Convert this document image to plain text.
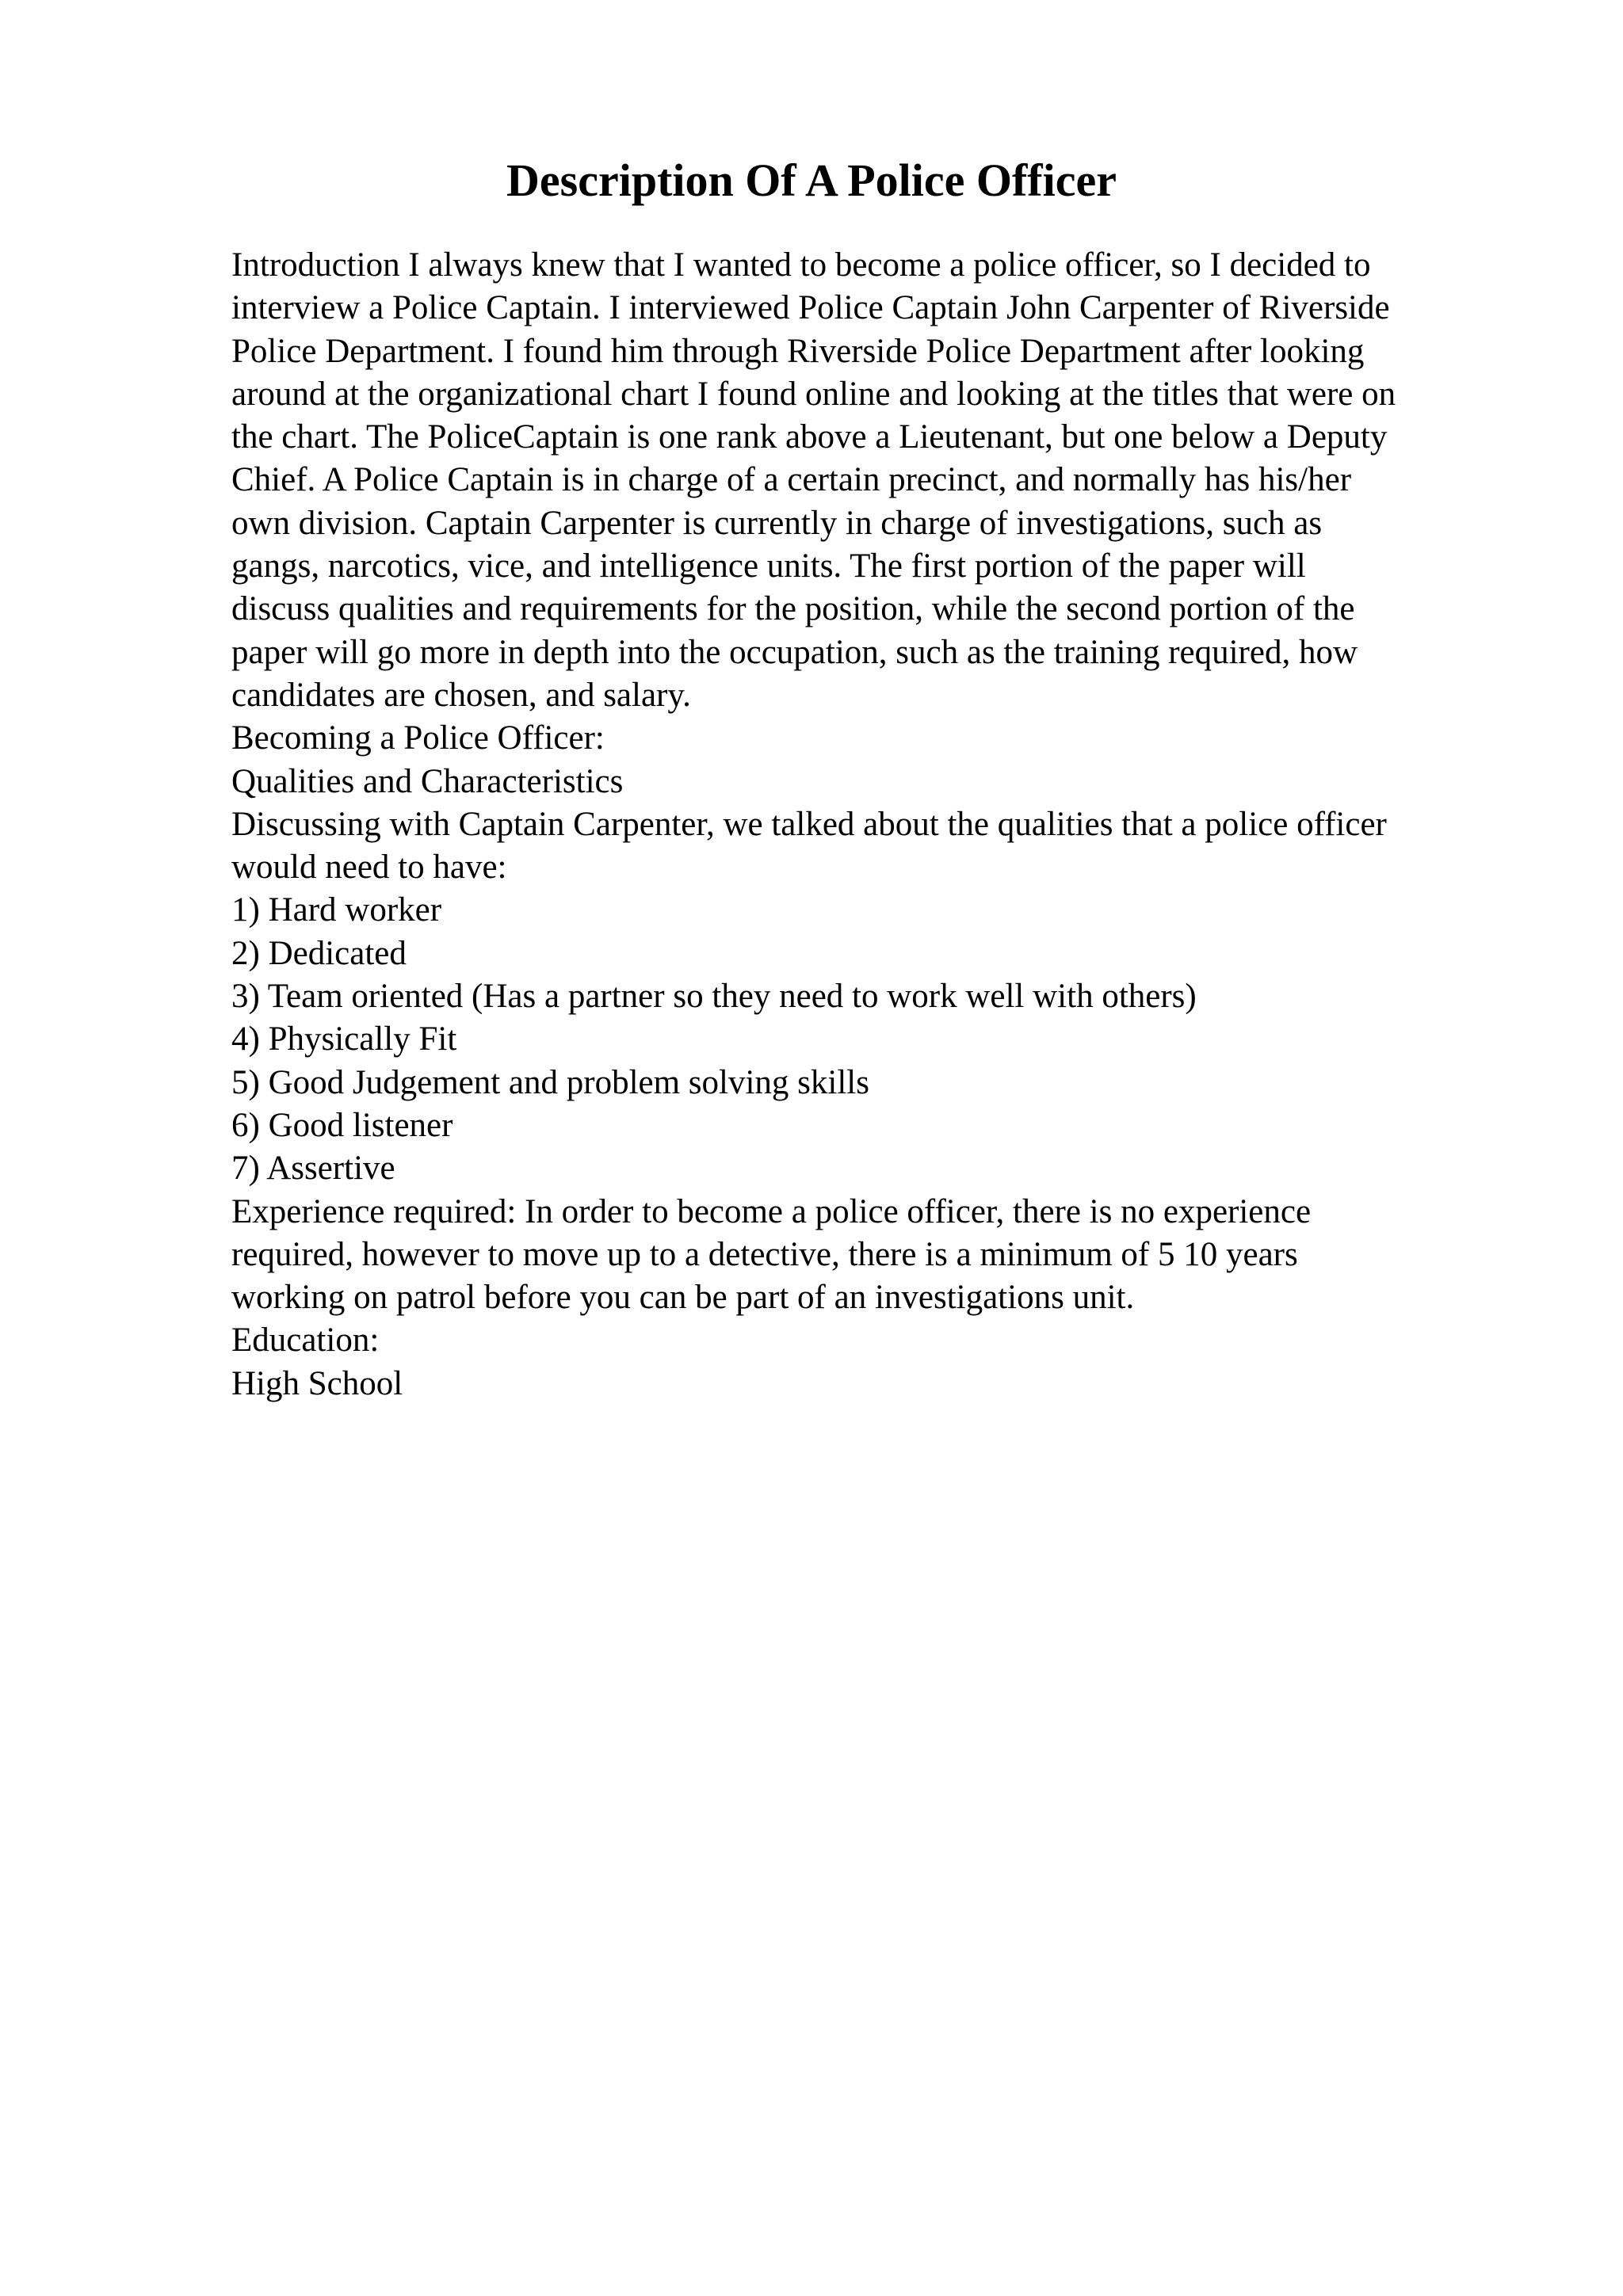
Description Of A Police Officer
Introduction I always knew that I wanted to become a police officer, so I decided to
interview a Police Captain. I interviewed Police Captain John Carpenter of Riverside
Police Department. I found him through Riverside Police Department after looking
around at the organizational chart I found online and looking at the titles that were on
the chart. The PoliceCaptain is one rank above a Lieutenant, but one below a Deputy
Chief. A Police Captain is in charge of a certain precinct, and normally has his/her
own division. Captain Carpenter is currently in charge of investigations, such as
gangs, narcotics, vice, and intelligence units. The first portion of the paper will
discuss qualities and requirements for the position, while the second portion of the
paper will go more in depth into the occupation, such as the training required, how
candidates are chosen, and salary.
Becoming a Police Officer:
Qualities and Characteristics
Discussing with Captain Carpenter, we talked about the qualities that a police officer
would need to have:
1) Hard worker
2) Dedicated
3) Team oriented (Has a partner so they need to work well with others)
4) Physically Fit
5) Good Judgement and problem solving skills
6) Good listener
7) Assertive
Experience required: In order to become a police officer, there is no experience
required, however to move up to a detective, there is a minimum of 5 10 years
working on patrol before you can be part of an investigations unit.
Education:
High School
